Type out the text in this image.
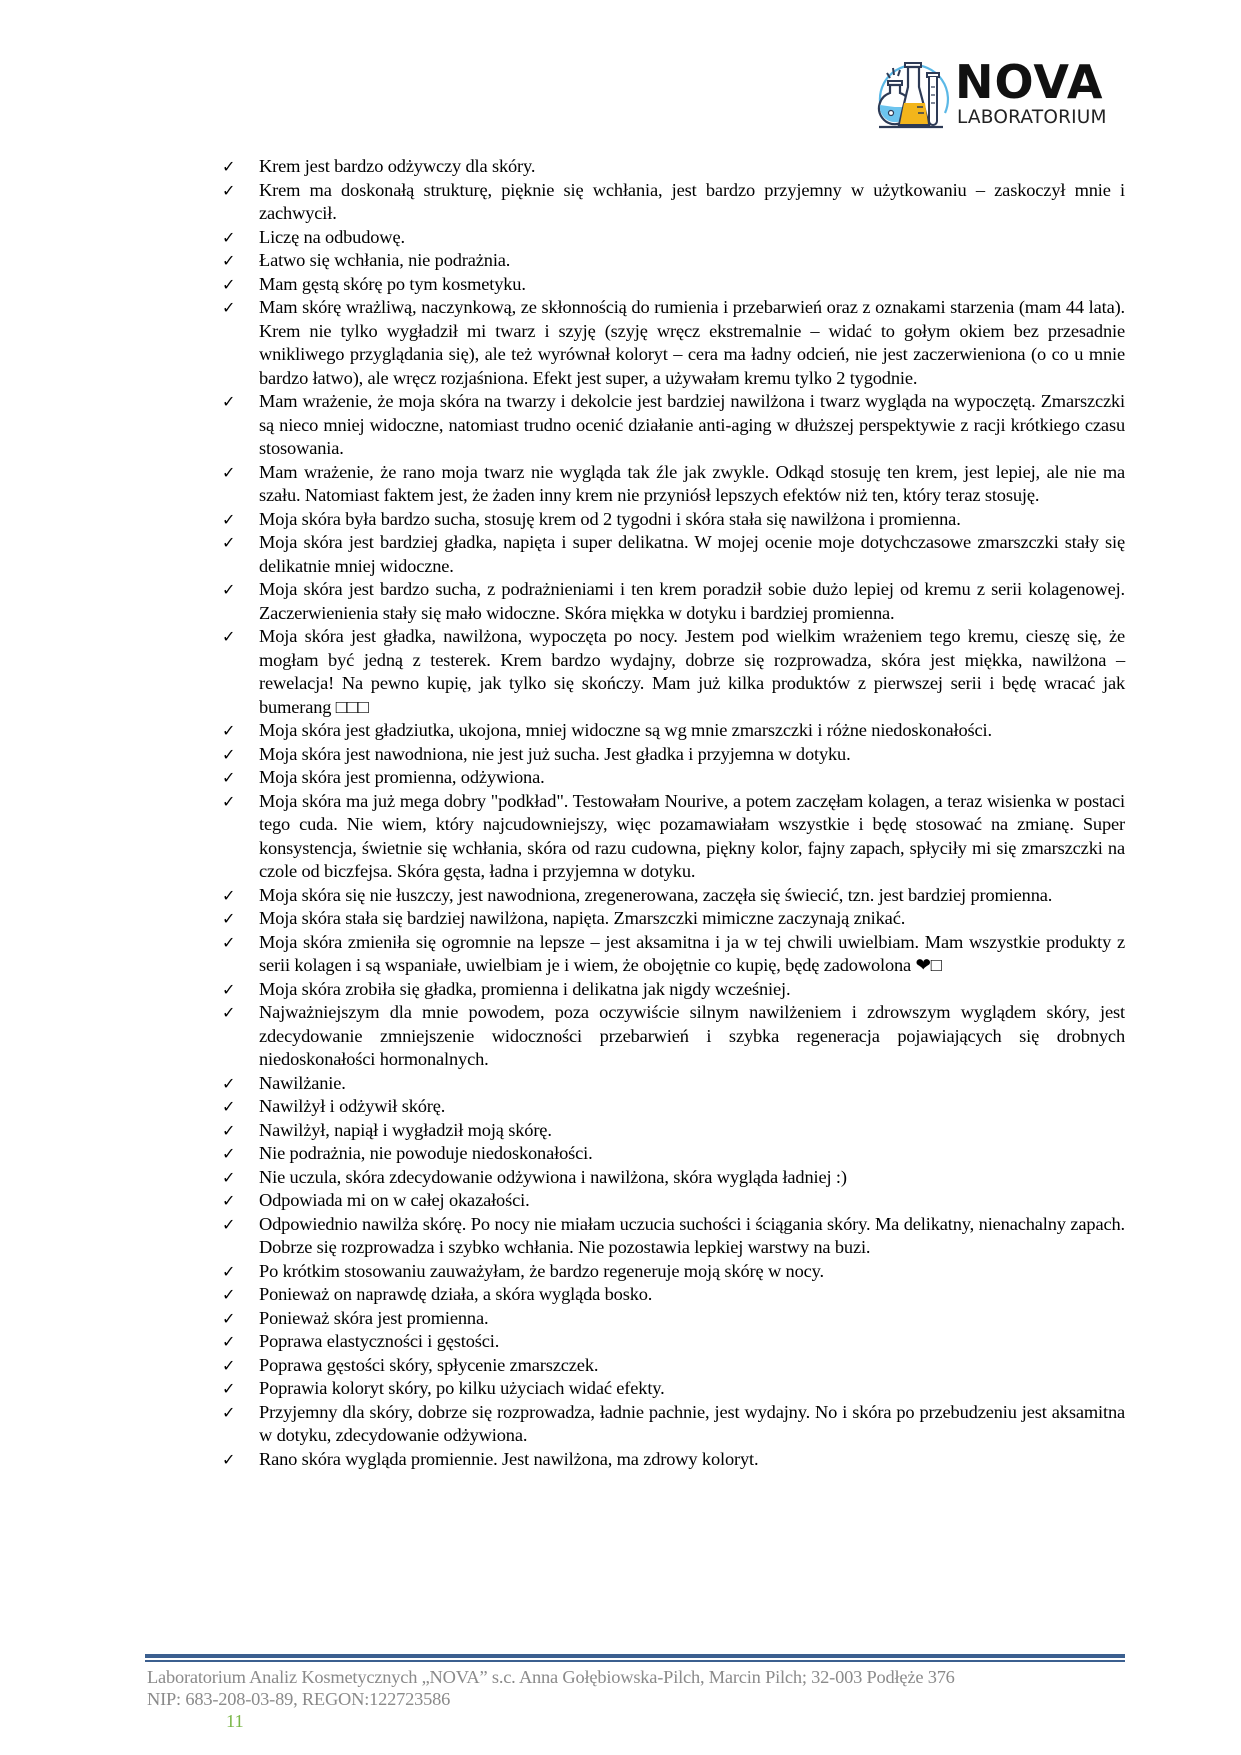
NOVA
LABORATORIUM
✓ Krem jest bardzo odżywczy dla skóry.
✓ Krem ma doskonałą strukturę, pięknie się wchłania, jest bardzo przyjemny w użytkowaniu – zaskoczył mnie i zachwycił.
✓ Liczę na odbudowę.
✓ Łatwo się wchłania, nie podrażnia.
✓ Mam gęstą skórę po tym kosmetyku.
✓ Mam skórę wrażliwą, naczynkową, ze skłonnością do rumienia i przebarwień oraz z oznakami starzenia (mam 44 lata). Krem nie tylko wygładził mi twarz i szyję (szyję wręcz ekstremalnie – widać to gołym okiem bez przesadnie wnikliwego przyglądania się), ale też wyrównał koloryt – cera ma ładny odcień, nie jest zaczerwieniona (o co u mnie bardzo łatwo), ale wręcz rozjaśniona. Efekt jest super, a używałam kremu tylko 2 tygodnie.
✓ Mam wrażenie, że moja skóra na twarzy i dekolcie jest bardziej nawilżona i twarz wygląda na wypoczętą. Zmarszczki są nieco mniej widoczne, natomiast trudno ocenić działanie anti-aging w dłuższej perspektywie z racji krótkiego czasu stosowania.
✓ Mam wrażenie, że rano moja twarz nie wygląda tak źle jak zwykle. Odkąd stosuję ten krem, jest lepiej, ale nie ma szału. Natomiast faktem jest, że żaden inny krem nie przyniósł lepszych efektów niż ten, który teraz stosuję.
✓ Moja skóra była bardzo sucha, stosuję krem od 2 tygodni i skóra stała się nawilżona i promienna.
✓ Moja skóra jest bardziej gładka, napięta i super delikatna. W mojej ocenie moje dotychczasowe zmarszczki stały się delikatnie mniej widoczne.
✓ Moja skóra jest bardzo sucha, z podrażnieniami i ten krem poradził sobie dużo lepiej od kremu z serii kolagenowej. Zaczerwienienia stały się mało widoczne. Skóra miękka w dotyku i bardziej promienna.
✓ Moja skóra jest gładka, nawilżona, wypoczęta po nocy. Jestem pod wielkim wrażeniem tego kremu, cieszę się, że mogłam być jedną z testerek. Krem bardzo wydajny, dobrze się rozprowadza, skóra jest miękka, nawilżona – rewelacja! Na pewno kupię, jak tylko się skończy. Mam już kilka produktów z pierwszej serii i będę wracać jak bumerang □□□
✓ Moja skóra jest gładziutka, ukojona, mniej widoczne są wg mnie zmarszczki i różne niedoskonałości.
✓ Moja skóra jest nawodniona, nie jest już sucha. Jest gładka i przyjemna w dotyku.
✓ Moja skóra jest promienna, odżywiona.
✓ Moja skóra ma już mega dobry "podkład". Testowałam Nourive, a potem zaczęłam kolagen, a teraz wisienka w postaci tego cuda. Nie wiem, który najcudowniejszy, więc pozamawiałam wszystkie i będę stosować na zmianę. Super konsystencja, świetnie się wchłania, skóra od razu cudowna, piękny kolor, fajny zapach, spłyciły mi się zmarszczki na czole od biczfejsa. Skóra gęsta, ładna i przyjemna w dotyku.
✓ Moja skóra się nie łuszczy, jest nawodniona, zregenerowana, zaczęła się świecić, tzn. jest bardziej promienna.
✓ Moja skóra stała się bardziej nawilżona, napięta. Zmarszczki mimiczne zaczynają znikać.
✓ Moja skóra zmieniła się ogromnie na lepsze – jest aksamitna i ja w tej chwili uwielbiam. Mam wszystkie produkty z serii kolagen i są wspaniałe, uwielbiam je i wiem, że obojętnie co kupię, będę zadowolona ❤□
✓ Moja skóra zrobiła się gładka, promienna i delikatna jak nigdy wcześniej.
✓ Najważniejszym dla mnie powodem, poza oczywiście silnym nawilżeniem i zdrowszym wyglądem skóry, jest zdecydowanie zmniejszenie widoczności przebarwień i szybka regeneracja pojawiających się drobnych niedoskonałości hormonalnych.
✓ Nawilżanie.
✓ Nawilżył i odżywił skórę.
✓ Nawilżył, napiął i wygładził moją skórę.
✓ Nie podrażnia, nie powoduje niedoskonałości.
✓ Nie uczula, skóra zdecydowanie odżywiona i nawilżona, skóra wygląda ładniej :)
✓ Odpowiada mi on w całej okazałości.
✓ Odpowiednio nawilża skórę. Po nocy nie miałam uczucia suchości i ściągania skóry. Ma delikatny, nienachalny zapach. Dobrze się rozprowadza i szybko wchłania. Nie pozostawia lepkiej warstwy na buzi.
✓ Po krótkim stosowaniu zauważyłam, że bardzo regeneruje moją skórę w nocy.
✓ Ponieważ on naprawdę działa, a skóra wygląda bosko.
✓ Ponieważ skóra jest promienna.
✓ Poprawa elastyczności i gęstości.
✓ Poprawa gęstości skóry, spłycenie zmarszczek.
✓ Poprawia koloryt skóry, po kilku użyciach widać efekty.
✓ Przyjemny dla skóry, dobrze się rozprowadza, ładnie pachnie, jest wydajny. No i skóra po przebudzeniu jest aksamitna w dotyku, zdecydowanie odżywiona.
✓ Rano skóra wygląda promiennie. Jest nawilżona, ma zdrowy koloryt.
Laboratorium Analiz Kosmetycznych „NOVA” s.c. Anna Gołębiowska-Pilch, Marcin Pilch; 32-003 Podłęże 376
NIP: 683-208-03-89, REGON:122723586
11
